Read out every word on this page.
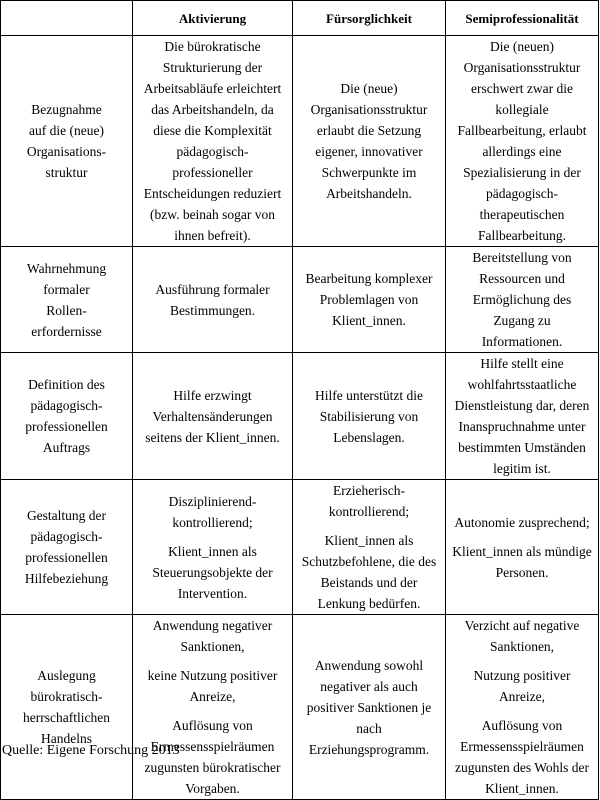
	Aktivierung	Fürsorglichkeit	Semiprofessionalität
Bezugnahme
auf die (neue)
Organisations-
struktur	Die bürokratische Strukturierung der Arbeitsabläufe erleichtert das Arbeitshandeln, da diese die Komplexität pädagogisch-professioneller Entscheidungen reduziert (bzw. beinah sogar von ihnen befreit).	Die (neue) Organisationsstruktur erlaubt die Setzung eigener, innovativer Schwerpunkte im Arbeitshandeln.	Die (neuen) Organisationsstruktur erschwert zwar die kollegiale Fallbearbeitung, erlaubt allerdings eine Spezialisierung in der pädagogisch-therapeutischen Fallbearbeitung.

Wahrnehmung
formaler
Rollen-
erfordernisse	Ausführung formaler Bestimmungen.	Bearbeitung komplexer Problemlagen von Klient_innen.	Bereitstellung von Ressourcen und Ermöglichung des Zugang zu Informationen.

Definition des
pädagogisch-
professionellen
Auftrags	Hilfe erzwingt Verhaltensänderungen seitens der Klient_innen.	Hilfe unterstützt die Stabilisierung von Lebenslagen.	Hilfe stellt eine wohlfahrtsstaatliche Dienstleistung dar, deren Inanspruchnahme unter bestimmten Umständen legitim ist.

Gestaltung der
pädagogisch-
professionellen
Hilfebeziehung	Disziplinierend-kontrollierend;
Klient_innen als Steuerungsobjekte der Intervention.	Erzieherisch-kontrollierend;
Klient_innen als Schutzbefohlene, die des Beistands und der Lenkung bedürfen.	Autonomie zusprechend;
Klient_innen als mündige Personen.

Auslegung
bürokratisch-
herrschaftlichen
Handelns	Anwendung negativer Sanktionen,
keine Nutzung positiver Anreize,
Auflösung von Ermessensspielräumen zugunsten bürokratischer Vorgaben.	Anwendung sowohl negativer als auch positiver Sanktionen je nach Erziehungsprogramm.	Verzicht auf negative Sanktionen,
Nutzung positiver Anreize,
Auflösung von Ermessensspielräumen zugunsten des Wohls der Klient_innen.
Quelle: Eigene Forschung 2013
